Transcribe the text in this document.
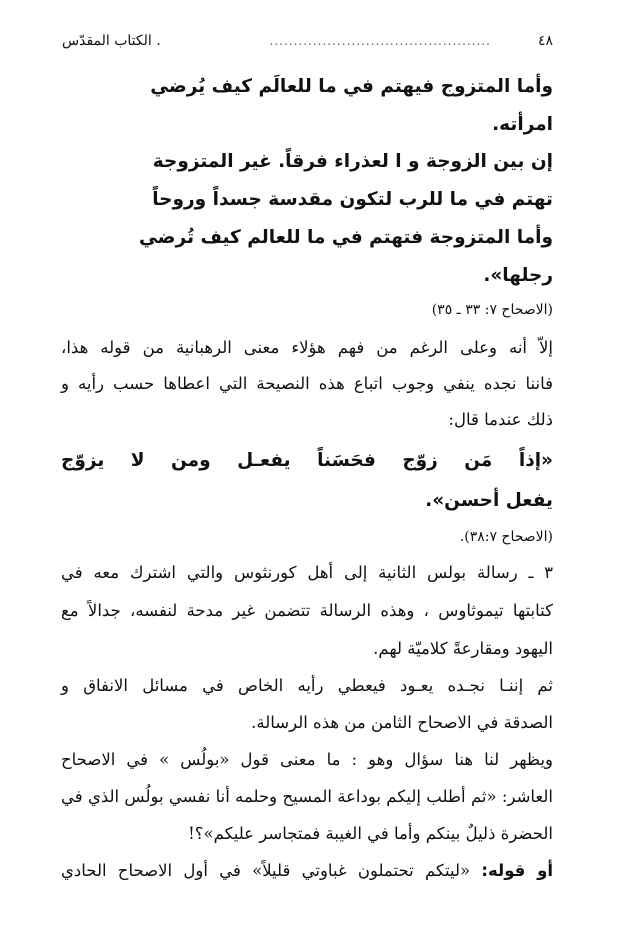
٤٨
..............................................
. الكتاب المقدّس
وأما المتزوج فيهتم في ما للعالَم كيف يُرضي
امرأته.
إن بين الزوجة و ا لعذراء فرقاً. غير المتزوجة
تهتم في ما للرب لتكون مقدسة جسداً وروحاً
وأما المتزوجة فتهتم في ما للعالم كيف تُرضي
رجلها».
(الاصحاح ٧: ٣٣ ـ ٣٥)
إلاّ أنه وعلى الرغم من فهم هؤلاء معنى الرهبانية من قوله هذا،
فاننا نجده ينفي وجوب اتباع هذه النصيحة التي اعطاها حسب رأيه و
ذلك عندما قال:
«إذاً مَن زوّج فحَسَناً يفعـل ومن لا يزوّج
يفعل أحسن».
(الاصحاح ٣٨:٧).
٣ ـ رسالة بولس الثانية إلى أهل كورنثوس والتي اشترك معه في
كتابتها تيموثاوس ، وهذه الرسالة تتضمن غير مدحة لنفسه، جدالاً مع
اليهود ومقارعةً كلاميّة لهم.
ثم إننـا نجـده يعـود فيعطي رأيه الخاص في مسائل الانفاق و
الصدقة في الاصحاح الثامن من هذه الرسالة.
ويظهر لنا هنا سؤال وهو : ما معنى قول «بولُس » في الاصحاح
العاشر: «ثم أطلب إليكم بوداعة المسيح وحلمه أنا نفسي بولُس الذي في
الحضرة ذليلٌ بينكم وأما في الغيبة فمتجاسر عليكم»؟!
أو قوله: «ليتكم تحتملون غباوتي قليلاً» في أول الاصحاح الحادي
